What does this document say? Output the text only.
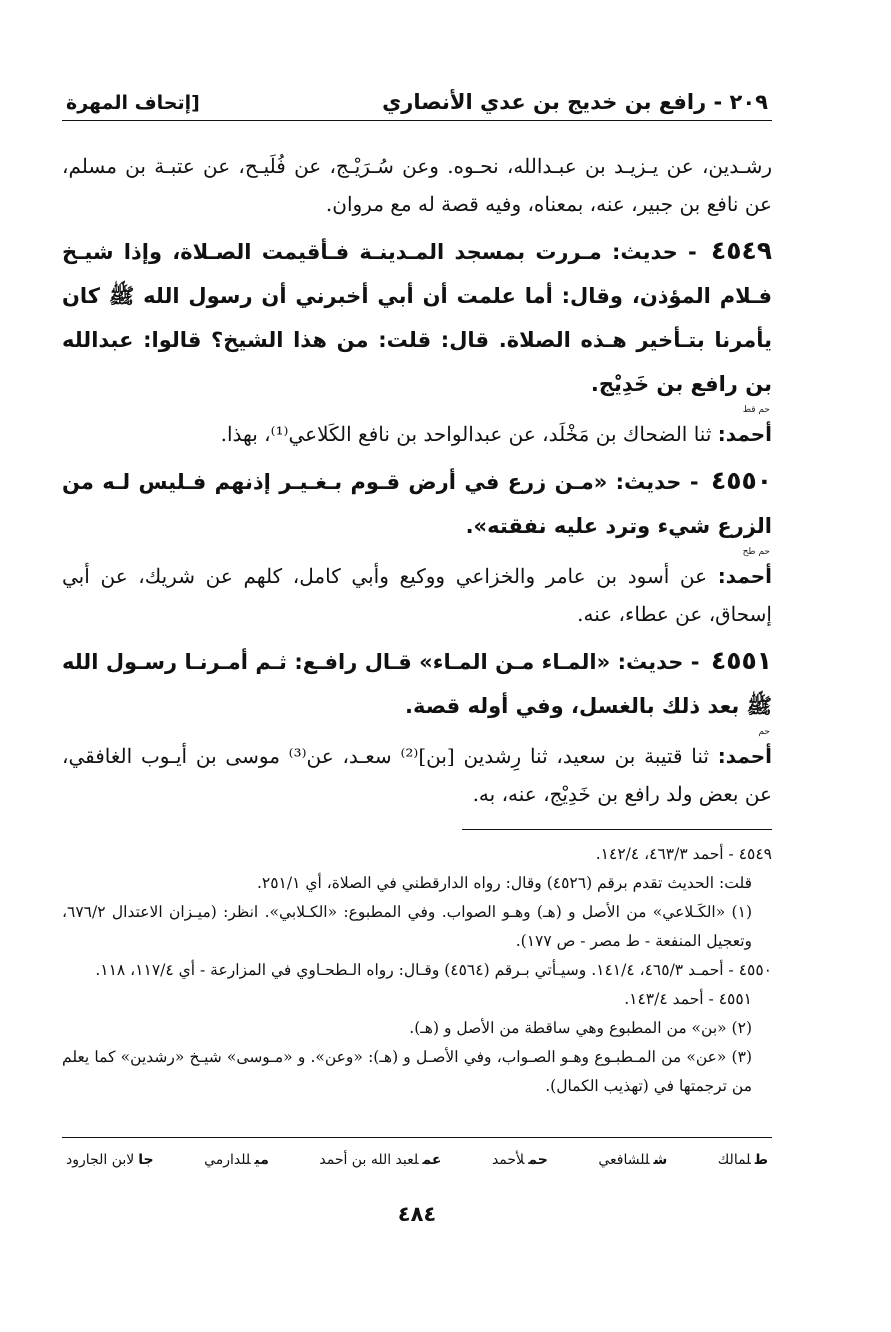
٢٠٩ - رافع بن خديج بن عدي الأنصاري
[إتحاف المهرة

رشـدين، عن يـزيـد بن عبـدالله، نحـوه. وعن سُـرَيْـج، عن فُلَيـح، عن عتبـة بن مسلم، عن نافع بن جبير، عنه، بمعناه، وفيه قصة له مع مروان.

٤٥٤٩ - حديث: مـررت بمسجد المـدينـة فـأقيمت الصـلاة، وإذا شيـخ فـلام المؤذن، وقال: أما علمت أن أبي أخبرني أن رسول الله ﷺ كان يأمرنا بتـأخير هـذه الصلاة. قال: قلت: من هذا الشيخ؟ قالوا: عبدالله بن رافع بن خَدِيْج.

حم قط

أحمد: ثنا الضحاك بن مَخْلَد، عن عبدالواحد بن نافع الكَلاعي⁽¹⁾، بهذا.

٤٥٥٠ - حديث: «مـن زرع في أرض قـوم بـغـيـر إذنهم فـليس لـه من الزرع شيء وترد عليه نفقته».

حم طح

أحمد: عن أسود بن عامر والخزاعي ووكيع وأبي كامل، كلهم عن شريك، عن أبي إسحاق، عن عطاء، عنه.

٤٥٥١ - حديث: «المـاء مـن المـاء» قـال رافـع: ثـم أمـرنـا رسـول الله ﷺ بعد ذلك بالغسل، وفي أوله قصة.

حم

أحمد: ثنا قتيبة بن سعيد، ثنا رِشدين [بن]⁽²⁾ سعـد، عن⁽³⁾ موسى بن أيـوب الغافقي، عن بعض ولد رافع بن خَدِيْج، عنه، به.

٤٥٤٩ - أحمد ٤٦٣/٣، ١٤٢/٤.

قلت: الحديث تقدم برقم (٤٥٢٦) وقال: رواه الدارقطني في الصلاة، أي ٢٥١/١.

(١) «الكَـلاعي» من الأصل و (هـ) وهـو الصواب. وفي المطبوع: «الكـلابي». انظر: (ميـزان الاعتدال ٦٧٦/٢، وتعجيل المنفعة - ط مصر - ص ١٧٧).

٤٥٥٠ - أحمـد ٤٦٥/٣، ١٤١/٤. وسيـأتي بـرقم (٤٥٦٤) وقـال: رواه الـطحـاوي في المزارعة - أي ١١٧/٤، ١١٨.

٤٥٥١ - أحمد ١٤٣/٤.

(٢) «بن» من المطبوع وهي ساقطة من الأصل و (هـ).

(٣) «عن» من المـطبـوع وهـو الصـواب، وفي الأصـل و (هـ): «وعن». و «مـوسى» شيـخ «رشدين» كما يعلم من ترجمتها في (تهذيب الكمال).

طلمالك
شللشافعي
حملأحمد
عملعبد الله بن أحمد
ميللدارمي
جالابن الجارود
٤٨٤
